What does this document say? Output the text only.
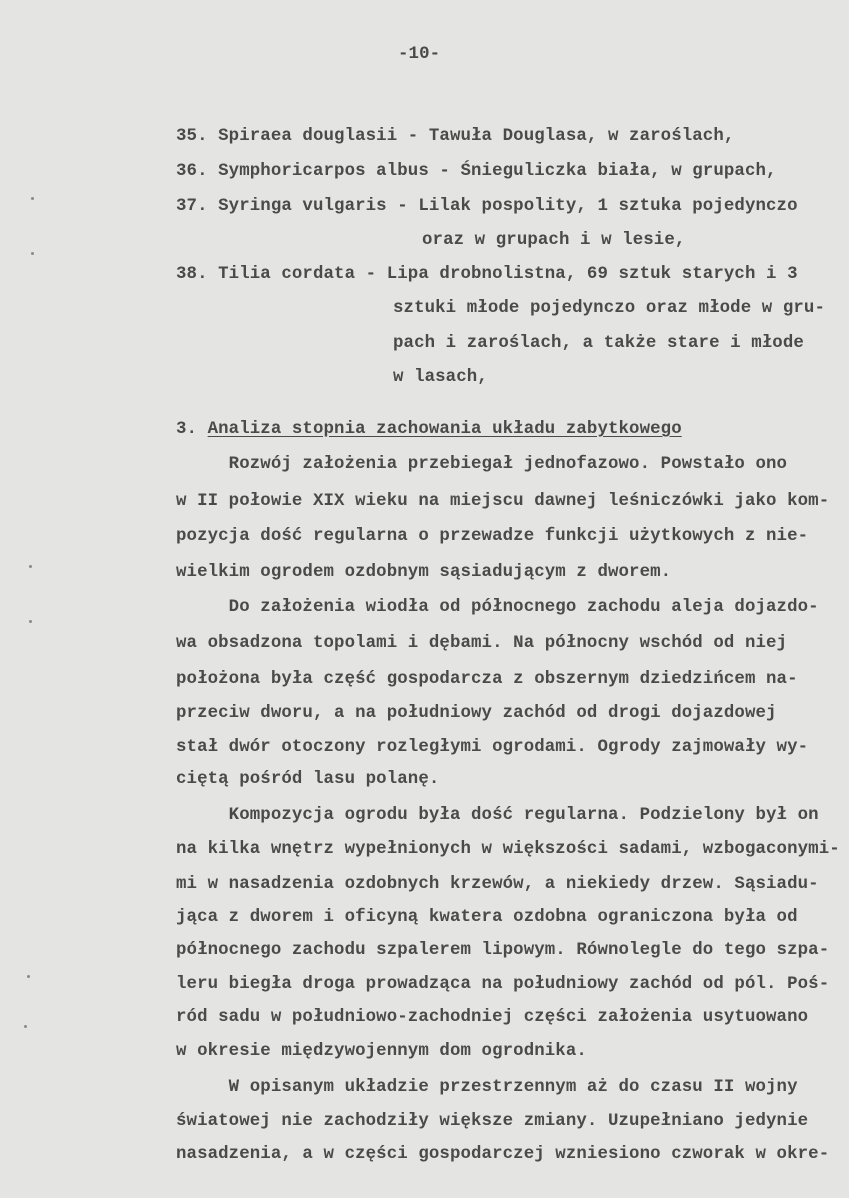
-10-
35. Spiraea douglasii - Tawuła Douglasa, w zaroślach,
36. Symphoricarpos albus - Śnieguliczka biała, w grupach,
37. Syringa vulgaris - Lilak pospolity, 1 sztuka pojedynczo
oraz w grupach i w lesie,
38. Tilia cordata - Lipa drobnolistna, 69 sztuk starych i 3
sztuki młode pojedynczo oraz młode w gru-
pach i zaroślach, a także stare i młode
w lasach,
3. Analiza stopnia zachowania układu zabytkowego
Rozwój założenia przebiegał jednofazowo. Powstało ono
w II połowie XIX wieku na miejscu dawnej leśniczówki jako kom-
pozycja dość regularna o przewadze funkcji użytkowych z nie-
wielkim ogrodem ozdobnym sąsiadującym z dworem.
Do założenia wiodła od północnego zachodu aleja dojazdo-
wa obsadzona topolami i dębami. Na północny wschód od niej
położona była część gospodarcza z obszernym dziedzińcem na-
przeciw dworu, a na południowy zachód od drogi dojazdowej
stał dwór otoczony rozległymi ogrodami. Ogrody zajmowały wy-
ciętą pośród lasu polanę.
Kompozycja ogrodu była dość regularna. Podzielony był on
na kilka wnętrz wypełnionych w większości sadami, wzbogaconymi-
mi w nasadzenia ozdobnych krzewów, a niekiedy drzew. Sąsiadu-
jąca z dworem i oficyną kwatera ozdobna ograniczona była od
północnego zachodu szpalerem lipowym. Równolegle do tego szpa-
leru biegła droga prowadząca na południowy zachód od pól. Poś-
ród sadu w południowo-zachodniej części założenia usytuowano
w okresie międzywojennym dom ogrodnika.
W opisanym układzie przestrzennym aż do czasu II wojny
światowej nie zachodziły większe zmiany. Uzupełniano jedynie
nasadzenia, a w części gospodarczej wzniesiono czworak w okre-
